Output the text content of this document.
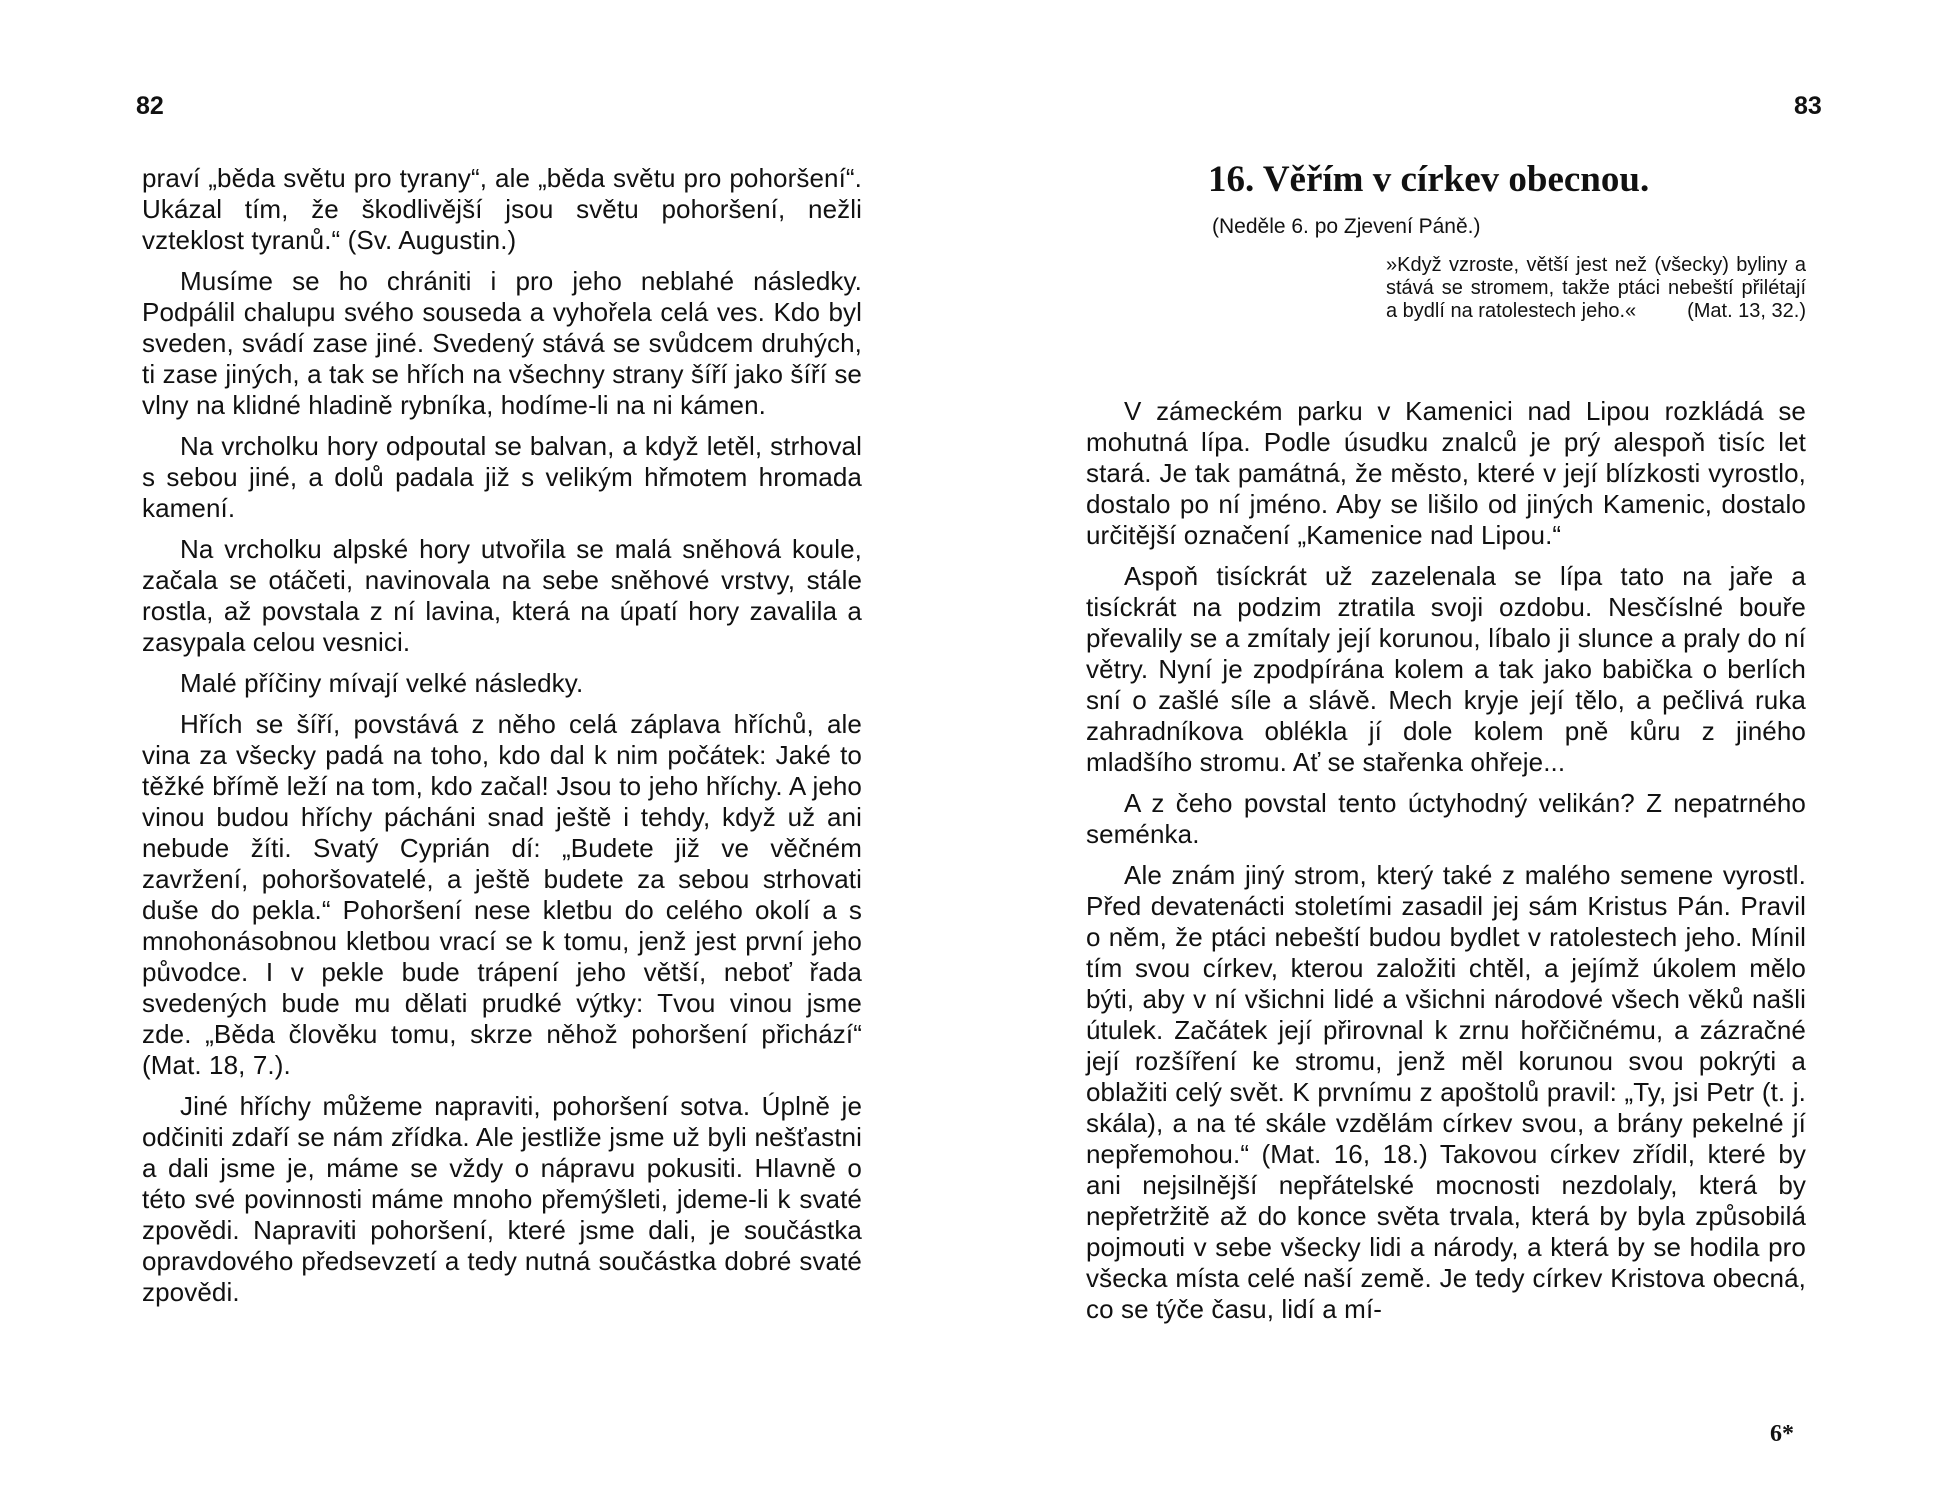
82

praví „běda světu pro tyrany“, ale „běda světu pro pohoršení“. Ukázal tím, že škodlivější jsou světu pohoršení, nežli vzteklost tyranů.“ (Sv. Augustin.)

Musíme se ho chrániti i pro jeho neblahé následky. Podpálil chalupu svého souseda a vyhořela celá ves. Kdo byl sveden, svádí zase jiné. Svedený stává se svůdcem druhých, ti zase jiných, a tak se hřích na všechny strany šíří jako šíří se vlny na klidné hladině rybníka, hodíme-li na ni kámen.

Na vrcholku hory odpoutal se balvan, a když letěl, strhoval s sebou jiné, a dolů padala již s velikým hřmotem hromada kamení.

Na vrcholku alpské hory utvořila se malá sněhová koule, začala se otáčeti, navinovala na sebe sněhové vrstvy, stále rostla, až povstala z ní lavina, která na úpatí hory zavalila a zasypala celou vesnici.

Malé příčiny mívají velké následky.

Hřích se šíří, povstává z něho celá záplava hříchů, ale vina za všecky padá na toho, kdo dal k nim počátek: Jaké to těžké břímě leží na tom, kdo začal! Jsou to jeho hříchy. A jeho vinou budou hříchy pácháni snad ještě i tehdy, když už ani nebude žíti. Svatý Cyprián dí: „Budete již ve věčném zavržení, pohoršovatelé, a ještě budete za sebou strhovati duše do pekla.“ Pohoršení nese kletbu do celého okolí a s mnohonásobnou kletbou vrací se k tomu, jenž jest první jeho původce. I v pekle bude trápení jeho větší, neboť řada svedených bude mu dělati prudké výtky: Tvou vinou jsme zde. „Běda člověku tomu, skrze něhož pohoršení přichází“ (Mat. 18, 7.).

Jiné hříchy můžeme napraviti, pohoršení sotva. Úplně je odčiniti zdaří se nám zřídka. Ale jestliže jsme už byli nešťastni a dali jsme je, máme se vždy o nápravu pokusiti. Hlavně o této své povinnosti máme mnoho přemýšleti, jdeme-li k svaté zpovědi. Napraviti pohoršení, které jsme dali, je součástka opravdového předsevzetí a tedy nutná součástka dobré svaté zpovědi.

83
16. Věřím v církev obecnou.
(Neděle 6. po Zjevení Páně.)
»Když vzroste, větší jest než (všecky) byliny a stává se stromem, takže ptáci nebeští přilétají a bydlí na ratolestech jeho.«	(Mat. 13, 32.)

V zámeckém parku v Kamenici nad Lipou rozkládá se mohutná lípa. Podle úsudku znalců je prý alespoň tisíc let stará. Je tak památná, že město, které v její blízkosti vyrostlo, dostalo po ní jméno. Aby se lišilo od jiných Kamenic, dostalo určitější označení „Kamenice nad Lipou.“

Aspoň tisíckrát už zazelenala se lípa tato na jaře a tisíckrát na podzim ztratila svoji ozdobu. Nesčíslné bouře převalily se a zmítaly její korunou, líbalo ji slunce a praly do ní větry. Nyní je zpodpírána kolem a tak jako babička o berlích sní o zašlé síle a slávě. Mech kryje její tělo, a pečlivá ruka zahradníkova oblékla jí dole kolem pně kůru z jiného mladšího stromu. Ať se stařenka ohřeje...

A z čeho povstal tento úctyhodný velikán? Z nepatrného seménka.

Ale znám jiný strom, který také z malého semene vyrostl. Před devatenácti stoletími zasadil jej sám Kristus Pán. Pravil o něm, že ptáci nebeští budou bydlet v ratolestech jeho. Mínil tím svou církev, kterou založiti chtěl, a jejímž úkolem mělo býti, aby v ní všichni lidé a všichni národové všech věků našli útulek. Začátek její přirovnal k zrnu hořčičnému, a zázračné její rozšíření ke stromu, jenž měl korunou svou pokrýti a oblažiti celý svět. K prvnímu z apoštolů pravil: „Ty, jsi Petr (t. j. skála), a na té skále vzdělám církev svou, a brány pekelné jí nepřemohou.“ (Mat. 16, 18.) Takovou církev zřídil, které by ani nejsilnější nepřátelské mocnosti nezdolaly, která by nepřetržitě až do konce světa trvala, která by byla způsobilá pojmouti v sebe všecky lidi a národy, a která by se hodila pro všecka místa celé naší země. Je tedy církev Kristova obecná, co se týče času, lidí a mí-

6*
